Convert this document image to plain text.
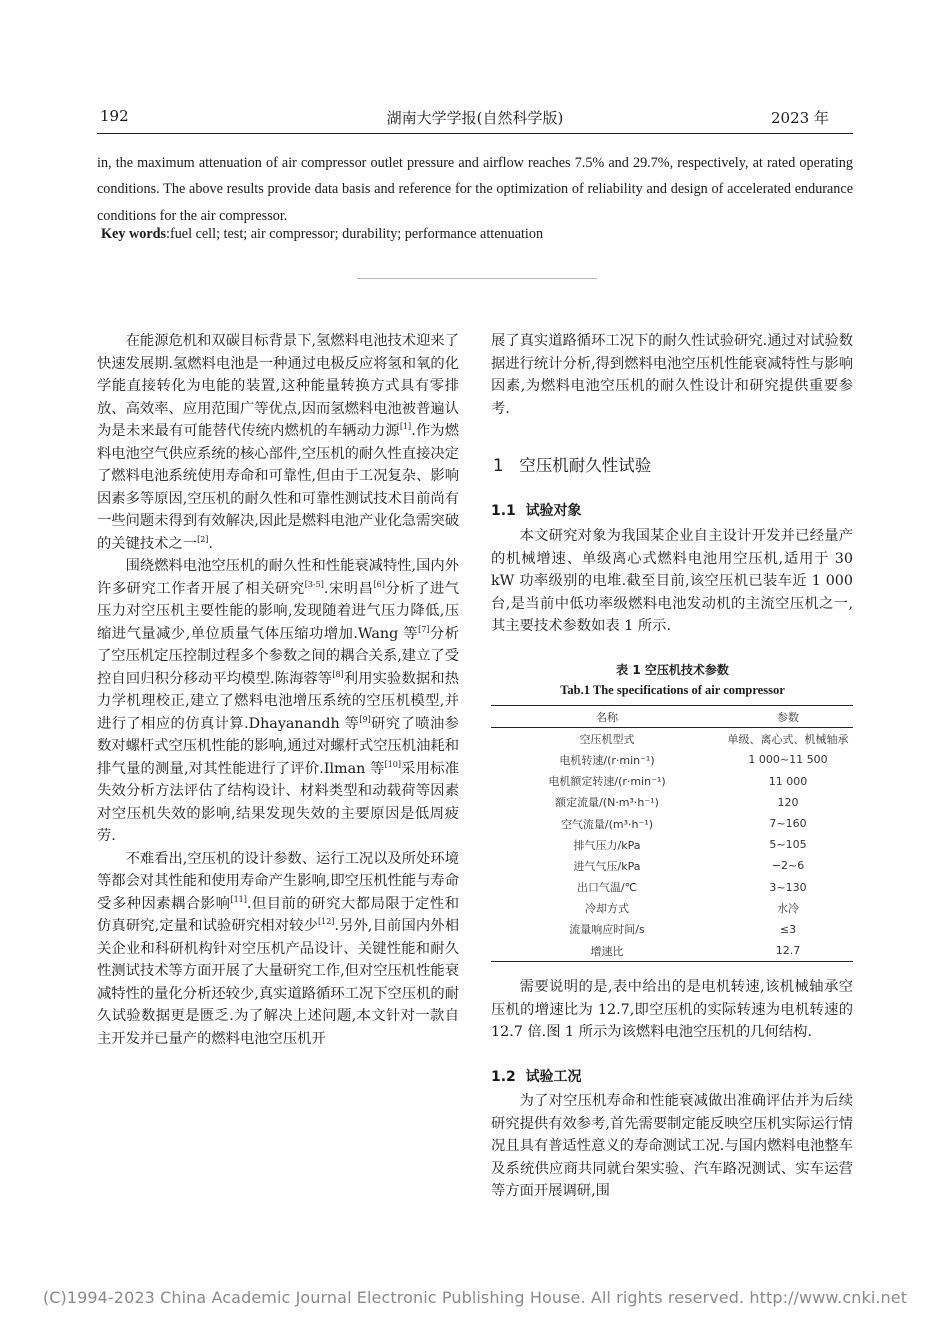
192	湖南大学学报(自然科学版)	2023 年
in, the maximum attenuation of air compressor outlet pressure and airflow reaches 7.5% and 29.7%, respectively, at rated operating conditions. The above results provide data basis and reference for the optimization of reliability and design of accelerated endurance conditions for the air compressor.
Key words:fuel cell; test; air compressor; durability; performance attenuation

在能源危机和双碳目标背景下,氢燃料电池技术迎来了快速发展期.氢燃料电池是一种通过电极反应将氢和氧的化学能直接转化为电能的装置,这种能量转换方式具有零排放、高效率、应用范围广等优点,因而氢燃料电池被普遍认为是未来最有可能替代传统内燃机的车辆动力源[1].作为燃料电池空气供应系统的核心部件,空压机的耐久性直接决定了燃料电池系统使用寿命和可靠性,但由于工况复杂、影响因素多等原因,空压机的耐久性和可靠性测试技术目前尚有一些问题未得到有效解决,因此是燃料电池产业化急需突破的关键技术之一[2].

围绕燃料电池空压机的耐久性和性能衰减特性,国内外许多研究工作者开展了相关研究[3-5].宋明昌[6]分析了进气压力对空压机主要性能的影响,发现随着进气压力降低,压缩进气量减少,单位质量气体压缩功增加.Wang 等[7]分析了空压机定压控制过程多个参数之间的耦合关系,建立了受控自回归积分移动平均模型.陈海蓉等[8]利用实验数据和热力学机理校正,建立了燃料电池增压系统的空压机模型,并进行了相应的仿真计算.Dhayanandh 等[9]研究了喷油参数对螺杆式空压机性能的影响,通过对螺杆式空压机油耗和排气量的测量,对其性能进行了评价.Ilman 等[10]采用标准失效分析方法评估了结构设计、材料类型和动载荷等因素对空压机失效的影响,结果发现失效的主要原因是低周疲劳.

不难看出,空压机的设计参数、运行工况以及所处环境等都会对其性能和使用寿命产生影响,即空压机性能与寿命受多种因素耦合影响[11].但目前的研究大都局限于定性和仿真研究,定量和试验研究相对较少[12].另外,目前国内外相关企业和科研机构针对空压机产品设计、关键性能和耐久性测试技术等方面开展了大量研究工作,但对空压机性能衰减特性的量化分析还较少,真实道路循环工况下空压机的耐久试验数据更是匮乏.为了解决上述问题,本文针对一款自主开发并已量产的燃料电池空压机开

展了真实道路循环工况下的耐久性试验研究.通过对试验数据进行统计分析,得到燃料电池空压机性能衰减特性与影响因素,为燃料电池空压机的耐久性设计和研究提供重要参考.

1 空压机耐久性试验
1.1 试验对象

本文研究对象为我国某企业自主设计开发并已经量产的机械增速、单级离心式燃料电池用空压机,适用于 30 kW 功率级别的电堆.截至目前,该空压机已装车近 1 000 台,是当前中低功率级燃料电池发动机的主流空压机之一,其主要技术参数如表 1 所示.

表 1 空压机技术参数
Tab.1 The specifications of air compressor
名称	参数
空压机型式	单级、离心式、机械轴承
电机转速/(r·min⁻¹)	1 000~11 500
电机额定转速/(r·min⁻¹)	11 000
额定流量/(N·m³·h⁻¹)	120
空气流量/(m³·h⁻¹)	7~160
排气压力/kPa	5~105
进气气压/kPa	−2~6
出口气温/℃	3~130
冷却方式	水冷
流量响应时间/s	≤3
增速比	12.7

需要说明的是,表中给出的是电机转速,该机械轴承空压机的增速比为 12.7,即空压机的实际转速为电机转速的 12.7 倍.图 1 所示为该燃料电池空压机的几何结构.

1.2 试验工况

为了对空压机寿命和性能衰减做出准确评估并为后续研究提供有效参考,首先需要制定能反映空压机实际运行情况且具有普适性意义的寿命测试工况.与国内燃料电池整车及系统供应商共同就台架实验、汽车路况测试、实车运营等方面开展调研,围

(C)1994-2023 China Academic Journal Electronic Publishing House. All rights reserved. http://www.cnki.net
